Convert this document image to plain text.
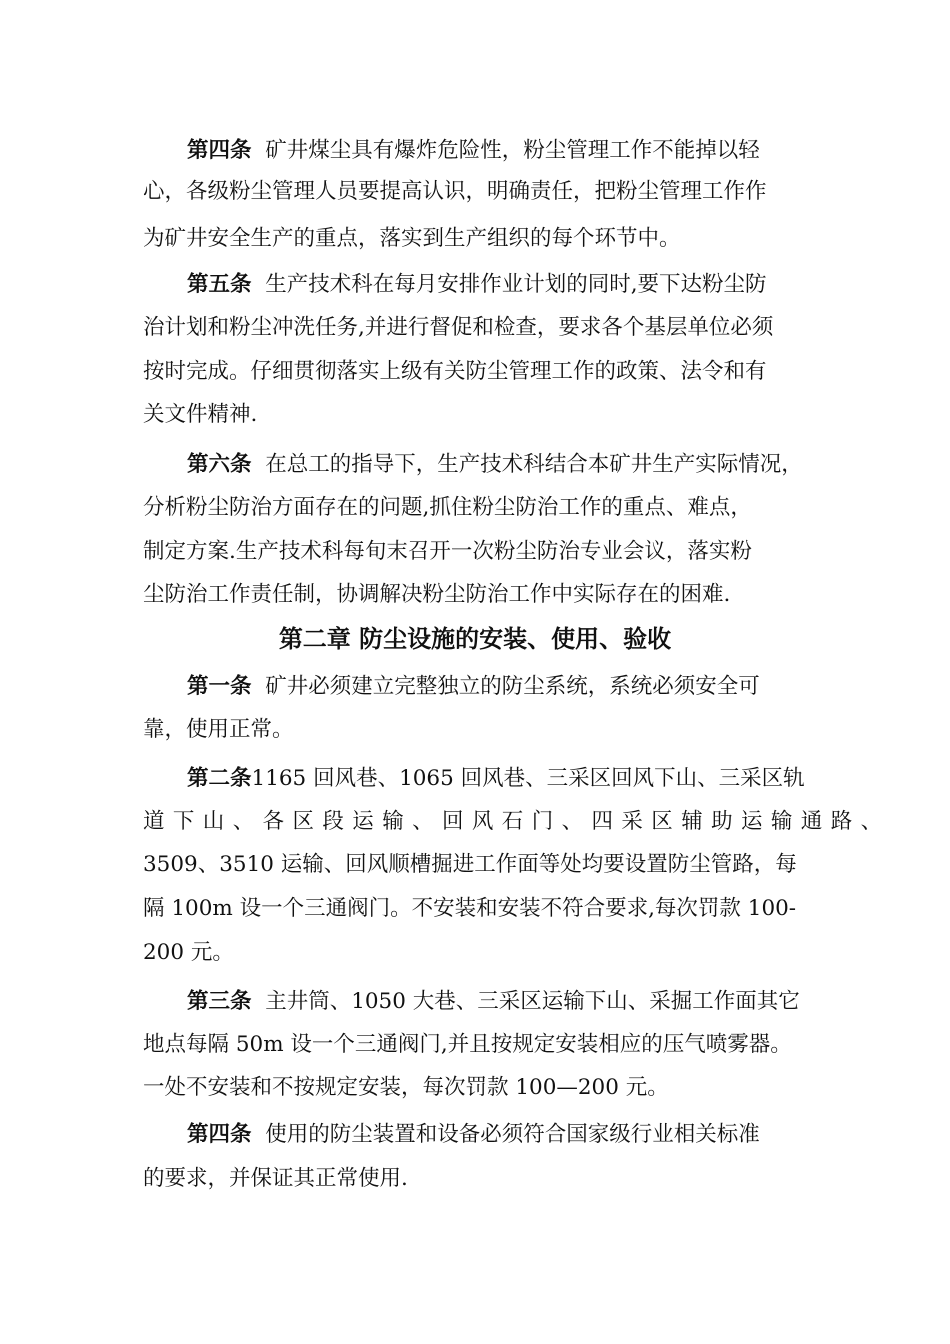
第四条 矿井煤尘具有爆炸危险性，粉尘管理工作不能掉以轻
心，各级粉尘管理人员要提高认识，明确责任，把粉尘管理工作作
为矿井安全生产的重点，落实到生产组织的每个环节中。
第五条 生产技术科在每月安排作业计划的同时,要下达粉尘防
治计划和粉尘冲洗任务,并进行督促和检查，要求各个基层单位必须
按时完成。仔细贯彻落实上级有关防尘管理工作的政策、法令和有
关文件精神.
第六条 在总工的指导下，生产技术科结合本矿井生产实际情况，
分析粉尘防治方面存在的问题,抓住粉尘防治工作的重点、难点，
制定方案.生产技术科每旬末召开一次粉尘防治专业会议，落实粉
尘防治工作责任制，协调解决粉尘防治工作中实际存在的困难.
第二章 防尘设施的安装、使用、验收
第一条 矿井必须建立完整独立的防尘系统，系统必须安全可
靠，使用正常。
第二条1165 回风巷、1065 回风巷、三采区回风下山、三采区轨
道下山、各区段运输、回风石门、四采区辅助运输通路、
3509、3510 运输、回风顺槽掘进工作面等处均要设置防尘管路，每
隔 100m 设一个三通阀门。不安装和安装不符合要求,每次罚款 100-
200 元。
第三条 主井筒、1050 大巷、三采区运输下山、采掘工作面其它
地点每隔 50m 设一个三通阀门,并且按规定安装相应的压气喷雾器。
一处不安装和不按规定安装，每次罚款 100—200 元。
第四条 使用的防尘装置和设备必须符合国家级行业相关标准
的要求，并保证其正常使用.
